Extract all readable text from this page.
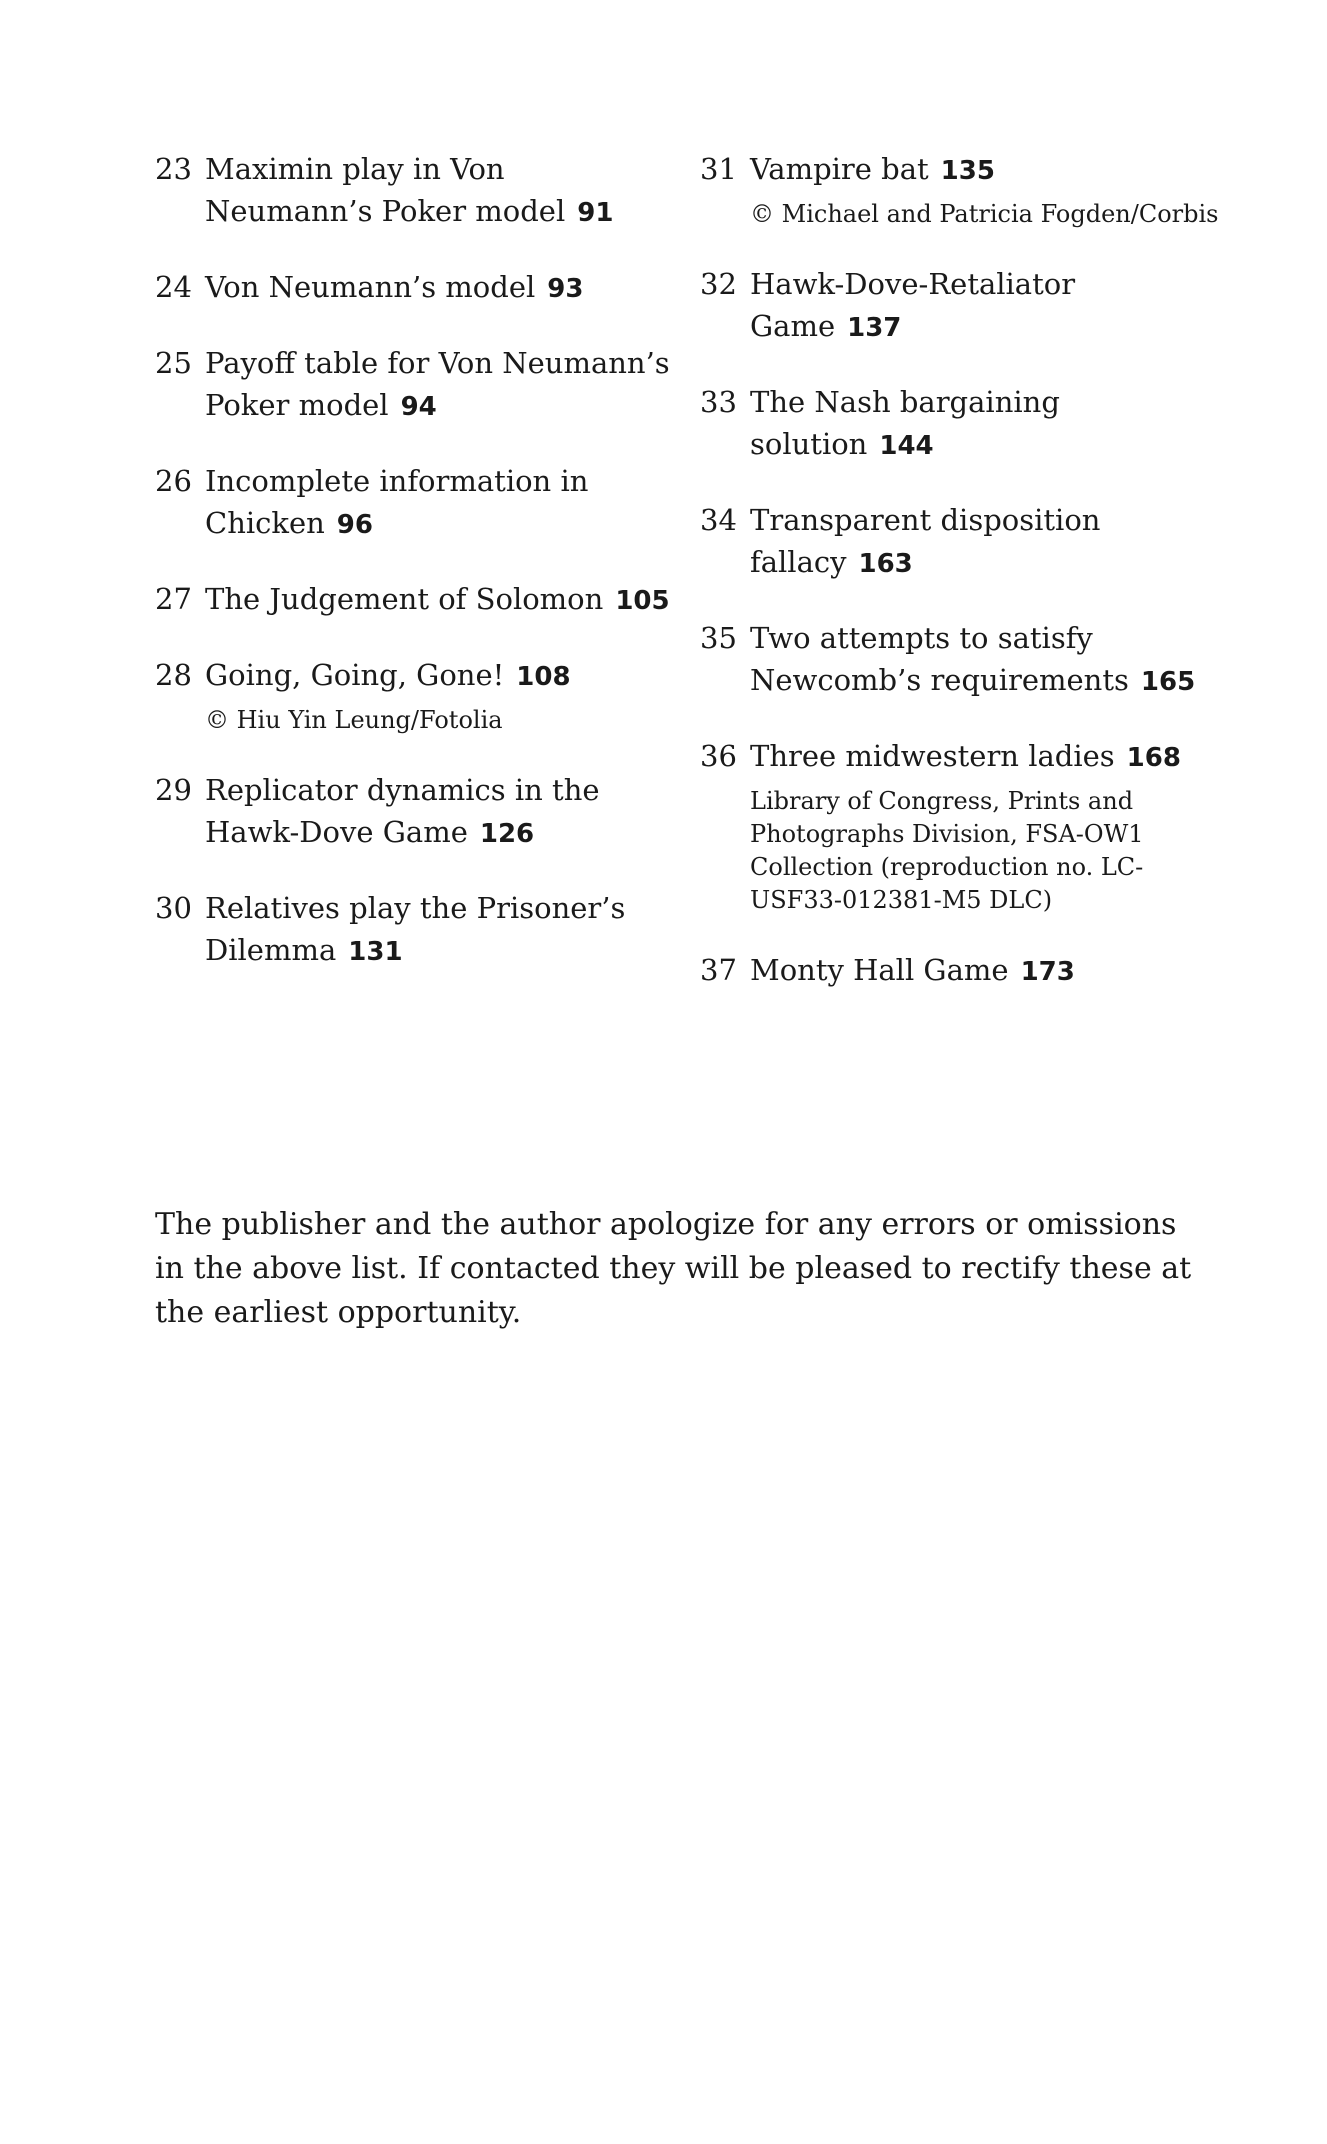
23 Maximin play in Von Neumann’s Poker model 91
24 Von Neumann’s model 93
25 Payoff table for Von Neumann’s Poker model 94
26 Incomplete information in Chicken 96
27 The Judgement of Solomon 105
28 Going, Going, Gone! 108
© Hiu Yin Leung/Fotolia
29 Replicator dynamics in the Hawk-Dove Game 126
30 Relatives play the Prisoner’s Dilemma 131
31 Vampire bat 135
© Michael and Patricia Fogden/Corbis
32 Hawk-Dove-Retaliator Game 137
33 The Nash bargaining solution 144
34 Transparent disposition fallacy 163
35 Two attempts to satisfy Newcomb’s requirements 165
36 Three midwestern ladies 168
Library of Congress, Prints and Photographs Division, FSA-OW1 Collection (reproduction no. LC-USF33-012381-M5 DLC)
37 Monty Hall Game 173

The publisher and the author apologize for any errors or omissions in the above list. If contacted they will be pleased to rectify these at the earliest opportunity.
